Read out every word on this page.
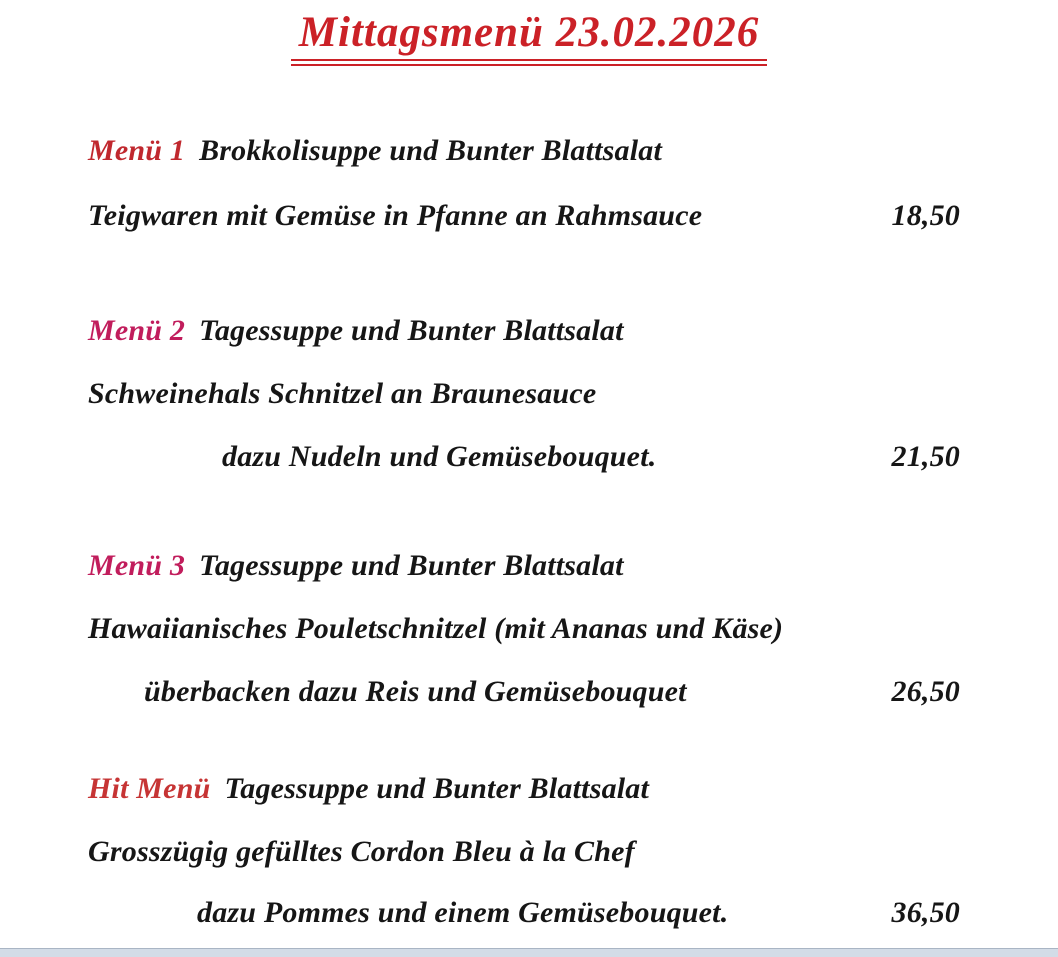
Mittagsmenü 23.02.2026
Menü 1 Brokkolisuppe und Bunter Blattsalat
Teigwaren mit Gemüse in Pfanne an Rahmsauce	18,50
Menü 2 Tagessuppe und Bunter Blattsalat
Schweinehals Schnitzel an Braunesauce
dazu Nudeln und Gemüsebouquet.	21,50
Menü 3 Tagessuppe und Bunter Blattsalat
Hawaiianisches Pouletschnitzel (mit Ananas und Käse)
überbacken dazu Reis und Gemüsebouquet	26,50
Hit Menü Tagessuppe und Bunter Blattsalat
Grosszügig gefülltes Cordon Bleu à la Chef
dazu Pommes und einem Gemüsebouquet.	36,50
